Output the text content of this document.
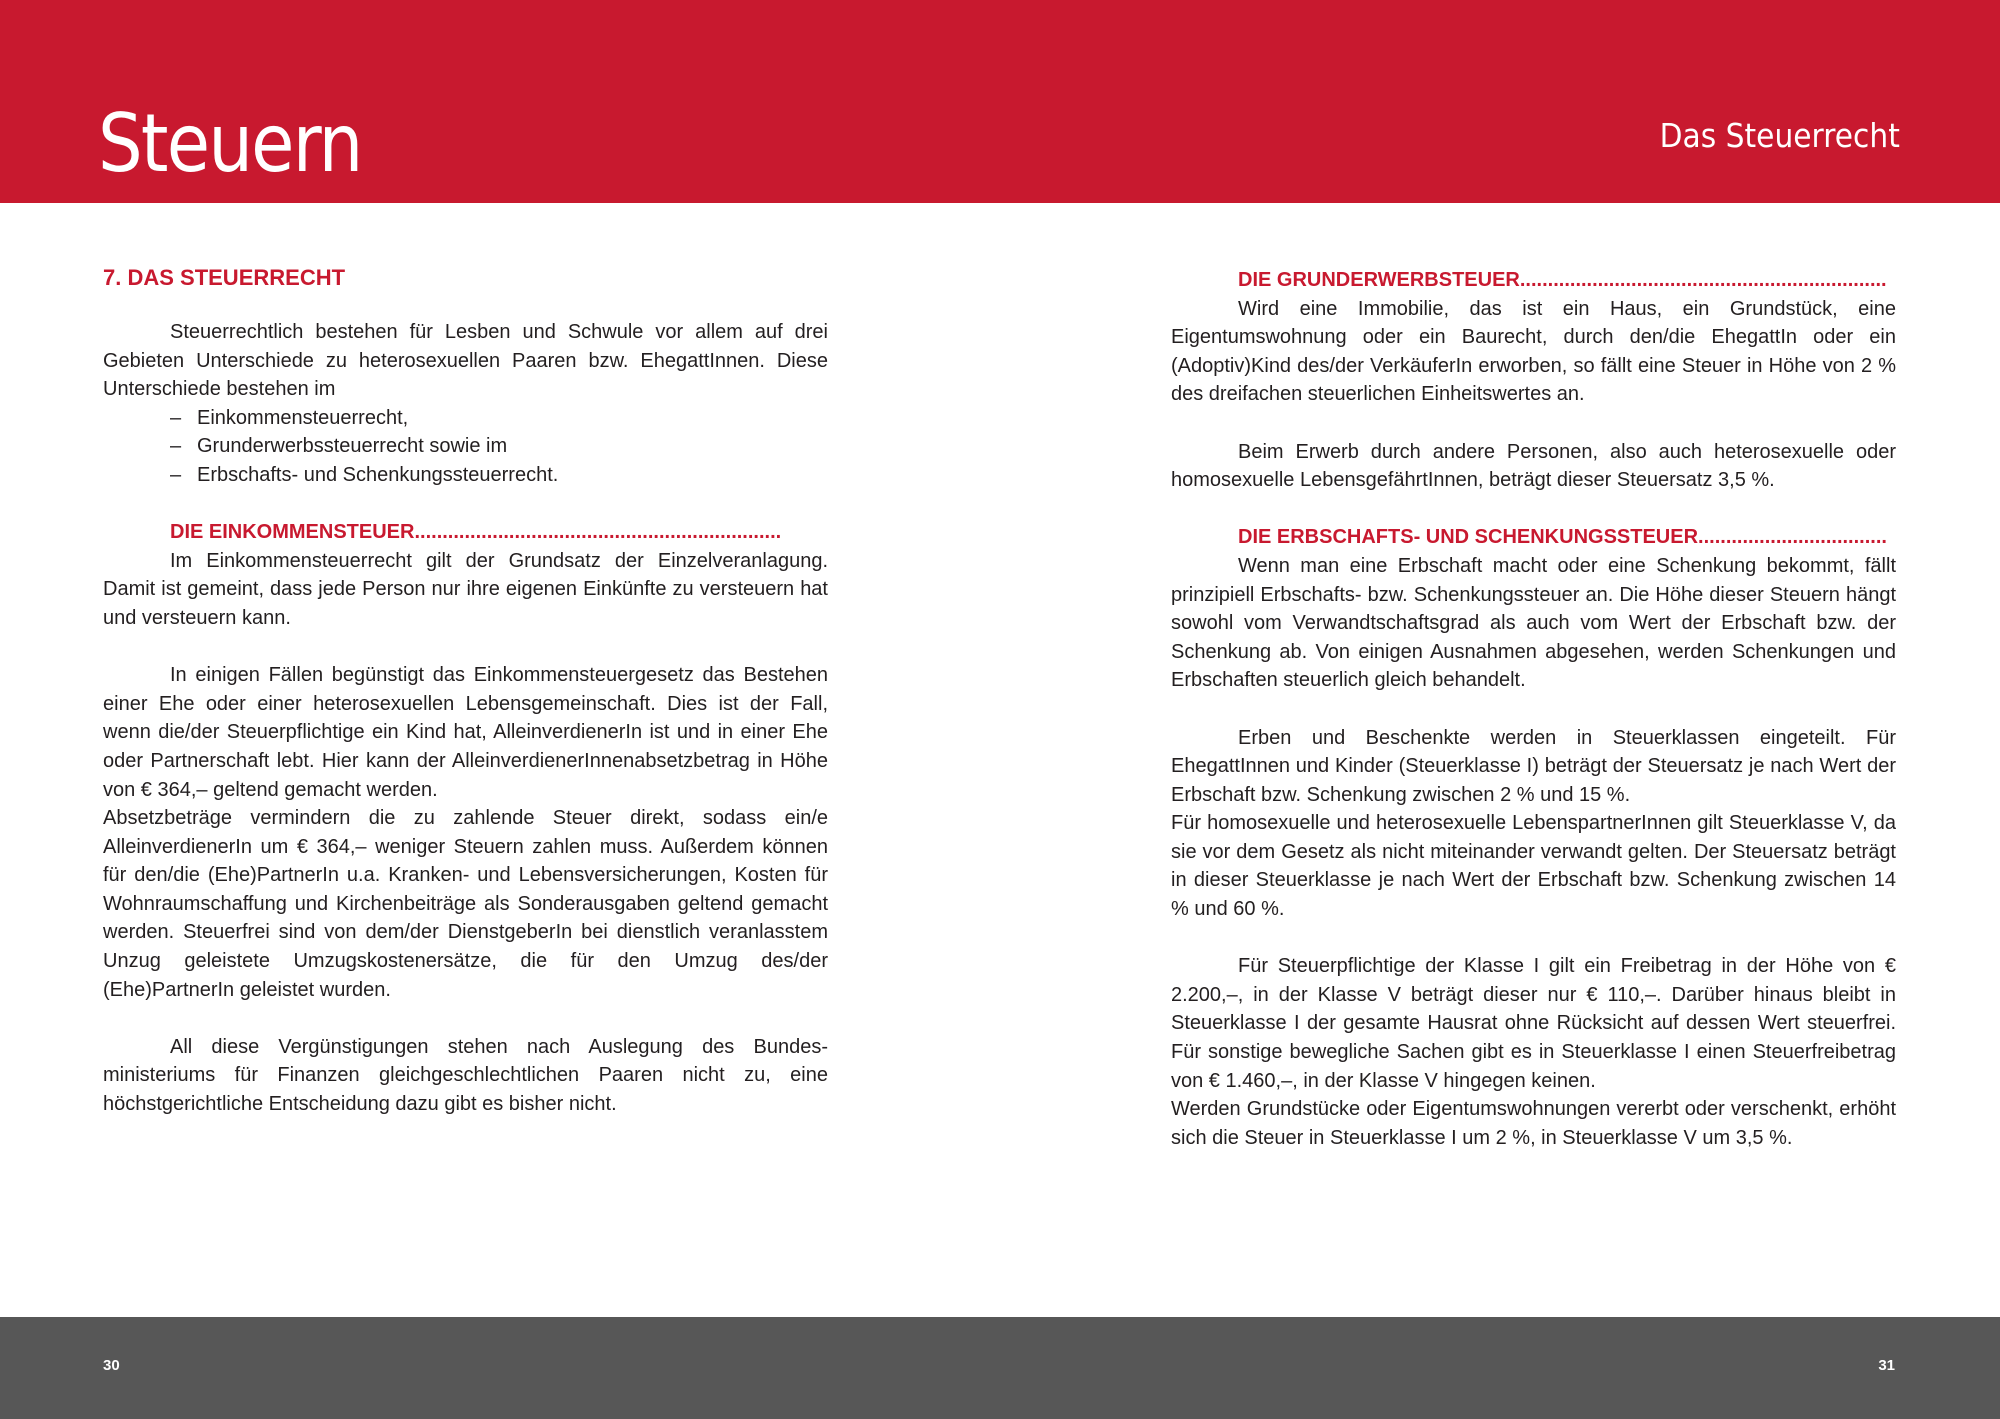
Steuern	Das Steuerrecht
7. DAS STEUERRECHT

Steuerrechtlich bestehen für Lesben und Schwule vor allem auf drei Gebieten Unterschiede zu heterosexuellen Paaren bzw. EhegattInnen. Diese Unterschiede bestehen im

– Einkommensteuerrecht,
– Grunderwerbssteuerrecht sowie im
– Erbschafts- und Schenkungssteuerrecht.
DIE EINKOMMENSTEUER..................................................................

Im Einkommensteuerrecht gilt der Grundsatz der Einzelveranlagung. Damit ist gemeint, dass jede Person nur ihre eigenen Einkünfte zu versteuern hat und versteuern kann.

In einigen Fällen begünstigt das Einkommensteuergesetz das Bestehen einer Ehe oder einer heterosexuellen Lebensgemeinschaft. Dies ist der Fall, wenn die/der Steuerpflichtige ein Kind hat, AlleinverdienerIn ist und in einer Ehe oder Partnerschaft lebt. Hier kann der AlleinverdienerInnenabsetzbetrag in Höhe von € 364,– geltend gemacht werden.

Absetzbeträge vermindern die zu zahlende Steuer direkt, sodass ein/e AlleinverdienerIn um € 364,– weniger Steuern zahlen muss. Außerdem können für den/die (Ehe)PartnerIn u.a. Kranken- und Lebensversicherungen, Kosten für Wohnraumschaffung und Kirchenbeiträge als Sonderausgaben geltend gemacht werden. Steuerfrei sind von dem/der DienstgeberIn bei dienstlich veranlasstem Unzug geleistete Umzugskostenersätze, die für den Umzug des/der (Ehe)PartnerIn geleistet wurden.

All diese Vergünstigungen stehen nach Auslegung des Bundesministeriums für Finanzen gleichgeschlechtlichen Paaren nicht zu, eine höchstgerichtliche Entscheidung dazu gibt es bisher nicht.

DIE GRUNDERWERBSTEUER..................................................................

Wird eine Immobilie, das ist ein Haus, ein Grundstück, eine Eigentumswohnung oder ein Baurecht, durch den/die EhegattIn oder ein (Adoptiv)Kind des/der VerkäuferIn erworben, so fällt eine Steuer in Höhe von 2 % des dreifachen steuerlichen Einheitswertes an.

Beim Erwerb durch andere Personen, also auch heterosexuelle oder homosexuelle LebensgefährtInnen, beträgt dieser Steuersatz 3,5 %.

DIE ERBSCHAFTS- UND SCHENKUNGSSTEUER..................................

Wenn man eine Erbschaft macht oder eine Schenkung bekommt, fällt prinzipiell Erbschafts- bzw. Schenkungssteuer an. Die Höhe dieser Steuern hängt sowohl vom Verwandtschaftsgrad als auch vom Wert der Erbschaft bzw. der Schenkung ab. Von einigen Ausnahmen abgesehen, werden Schenkungen und Erbschaften steuerlich gleich behandelt.

Erben und Beschenkte werden in Steuerklassen eingeteilt. Für EhegattInnen und Kinder (Steuerklasse I) beträgt der Steuersatz je nach Wert der Erbschaft bzw. Schenkung zwischen 2 % und 15 %.

Für homosexuelle und heterosexuelle LebenspartnerInnen gilt Steuerklasse V, da sie vor dem Gesetz als nicht miteinander verwandt gelten. Der Steuersatz beträgt in dieser Steuerklasse je nach Wert der Erbschaft bzw. Schenkung zwischen 14 % und 60 %.

Für Steuerpflichtige der Klasse I gilt ein Freibetrag in der Höhe von € 2.200,–, in der Klasse V beträgt dieser nur € 110,–. Darüber hinaus bleibt in Steuerklasse I der gesamte Hausrat ohne Rücksicht auf dessen Wert steuerfrei. Für sonstige bewegliche Sachen gibt es in Steuerklasse I einen Steuerfreibetrag von € 1.460,–, in der Klasse V hingegen keinen.

Werden Grundstücke oder Eigentumswohnungen vererbt oder verschenkt, erhöht sich die Steuer in Steuerklasse I um 2 %, in Steuerklasse V um 3,5 %.

30	31
